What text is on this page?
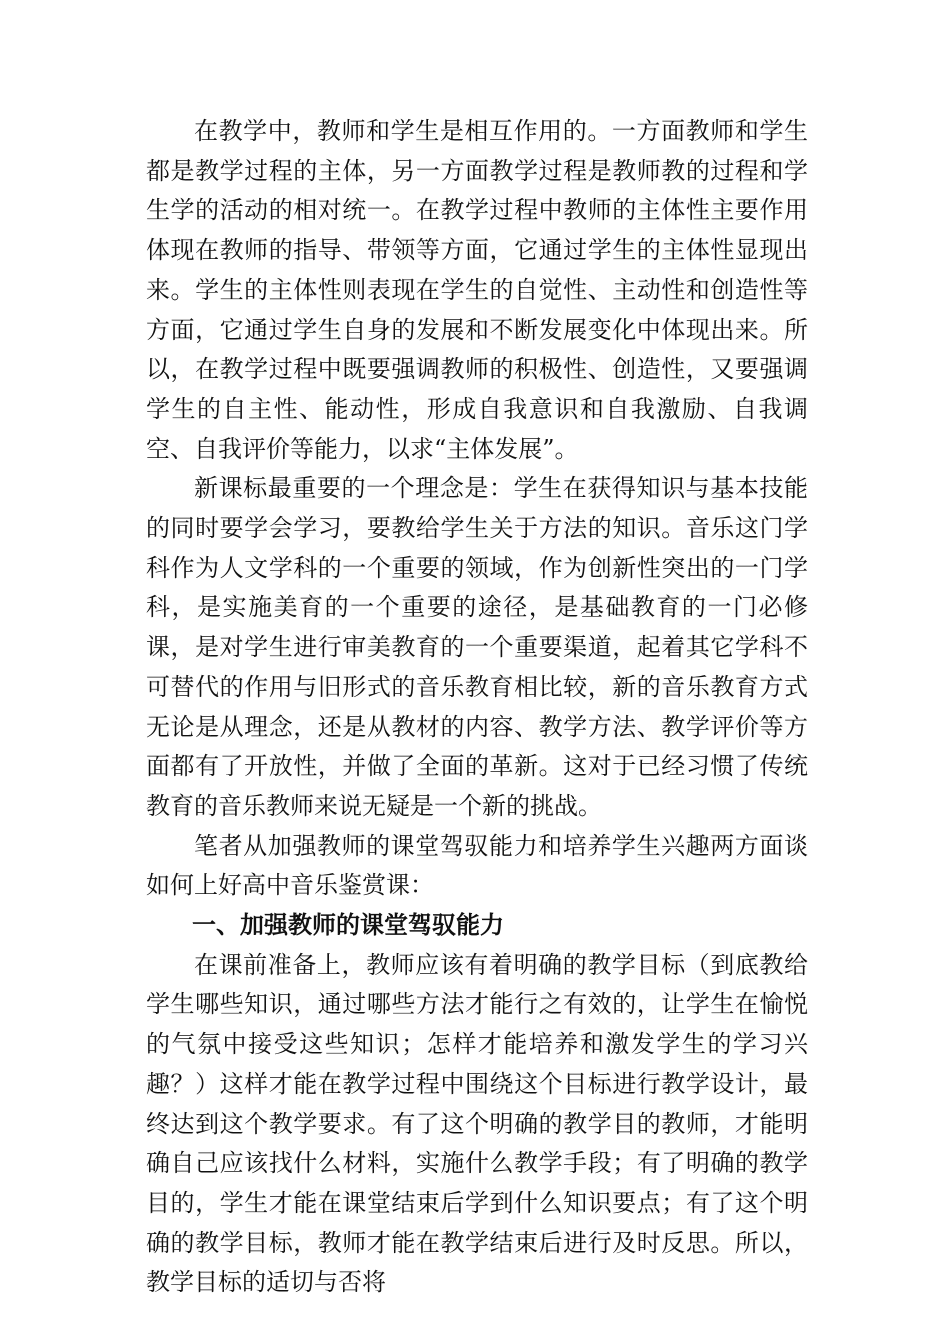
在教学中，教师和学生是相互作用的。一方面教师和学生都是教学过程的主体，另一方面教学过程是教师教的过程和学生学的活动的相对统一。在教学过程中教师的主体性主要作用体现在教师的指导、带领等方面，它通过学生的主体性显现出来。学生的主体性则表现在学生的自觉性、主动性和创造性等方面，它通过学生自身的发展和不断发展变化中体现出来。所以，在教学过程中既要强调教师的积极性、创造性，又要强调学生的自主性、能动性，形成自我意识和自我激励、自我调空、自我评价等能力，以求“主体发展”。

新课标最重要的一个理念是：学生在获得知识与基本技能的同时要学会学习，要教给学生关于方法的知识。音乐这门学科作为人文学科的一个重要的领域，作为创新性突出的一门学科，是实施美育的一个重要的途径，是基础教育的一门必修课，是对学生进行审美教育的一个重要渠道，起着其它学科不可替代的作用与旧形式的音乐教育相比较，新的音乐教育方式无论是从理念，还是从教材的内容、教学方法、教学评价等方面都有了开放性，并做了全面的革新。这对于已经习惯了传统教育的音乐教师来说无疑是一个新的挑战。

笔者从加强教师的课堂驾驭能力和培养学生兴趣两方面谈如何上好高中音乐鉴赏课：

一、加强教师的课堂驾驭能力

在课前准备上，教师应该有着明确的教学目标（到底教给学生哪些知识，通过哪些方法才能行之有效的，让学生在愉悦的气氛中接受这些知识；怎样才能培养和激发学生的学习兴趣？）这样才能在教学过程中围绕这个目标进行教学设计，最终达到这个教学要求。有了这个明确的教学目的教师，才能明确自己应该找什么材料，实施什么教学手段；有了明确的教学目的，学生才能在课堂结束后学到什么知识要点；有了这个明确的教学目标，教师才能在教学结束后进行及时反思。所以，教学目标的适切与否将
